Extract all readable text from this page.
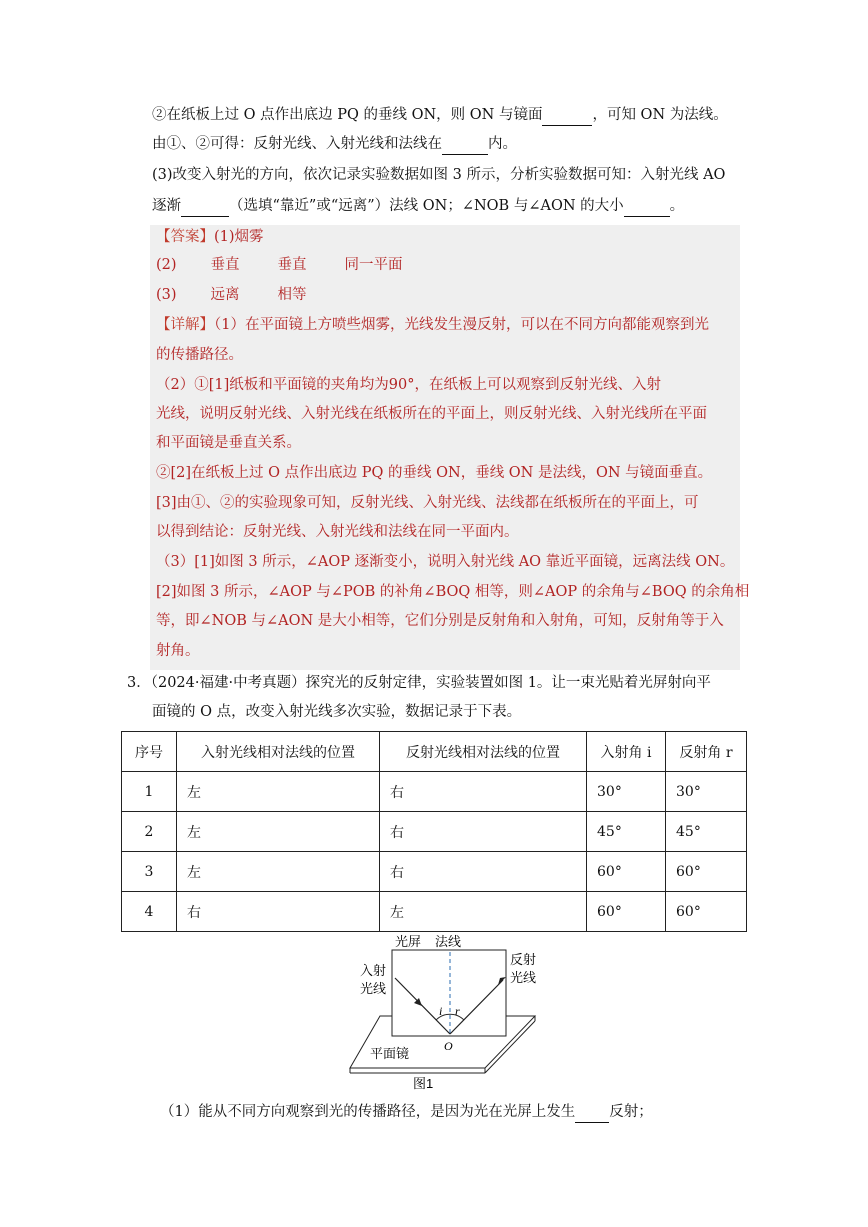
②在纸板上过 O 点作出底边 PQ 的垂线 ON，则 ON 与镜面	，可知 ON 为法线。
由①、②可得：反射光线、入射光线和法线在	内。
(3)改变入射光的方向，依次记录实验数据如图 3 所示，分析实验数据可知：入射光线 AO
逐渐	（选填“靠近”或“远离”）法线 ON；∠NOB 与∠AON 的大小	。
【答案】(1)烟雾
(2) 垂直	垂直	同一平面
(3) 远离	相等
【详解】（1）在平面镜上方喷些烟雾，光线发生漫反射，可以在不同方向都能观察到光
的传播路径。
（2）①[1]纸板和平面镜的夹角均为90°，在纸板上可以观察到反射光线、入射
光线，说明反射光线、入射光线在纸板所在的平面上，则反射光线、入射光线所在平面
和平面镜是垂直关系。
②[2]在纸板上过 O 点作出底边 PQ 的垂线 ON，垂线 ON 是法线，ON 与镜面垂直。
[3]由①、②的实验现象可知，反射光线、入射光线、法线都在纸板所在的平面上，可
以得到结论：反射光线、入射光线和法线在同一平面内。
（3）[1]如图 3 所示，∠AOP 逐渐变小，说明入射光线 AO 靠近平面镜，远离法线 ON。
[2]如图 3 所示，∠AOP 与∠POB 的补角∠BOQ 相等，则∠AOP 的余角与∠BOQ 的余角相
等，即∠NOB 与∠AON 是大小相等，它们分别是反射角和入射角，可知，反射角等于入
射角。
3．（2024·福建·中考真题）探究光的反射定律，实验装置如图 1。让一束光贴着光屏射向平
面镜的 O 点，改变入射光线多次实验，数据记录于下表。
序号	入射光线相对法线的位置	反射光线相对法线的位置	入射角 i	反射角 r
1	左	右	30°	30°
2	左	右	45°	45°
3	左	右	60°	60°
4	右	左	60°	60°
光屏 法线
入射
光线
反射
光线
i r
O
平面镜
图1
（1）能从不同方向观察到光的传播路径，是因为光在光屏上发生 反射；
